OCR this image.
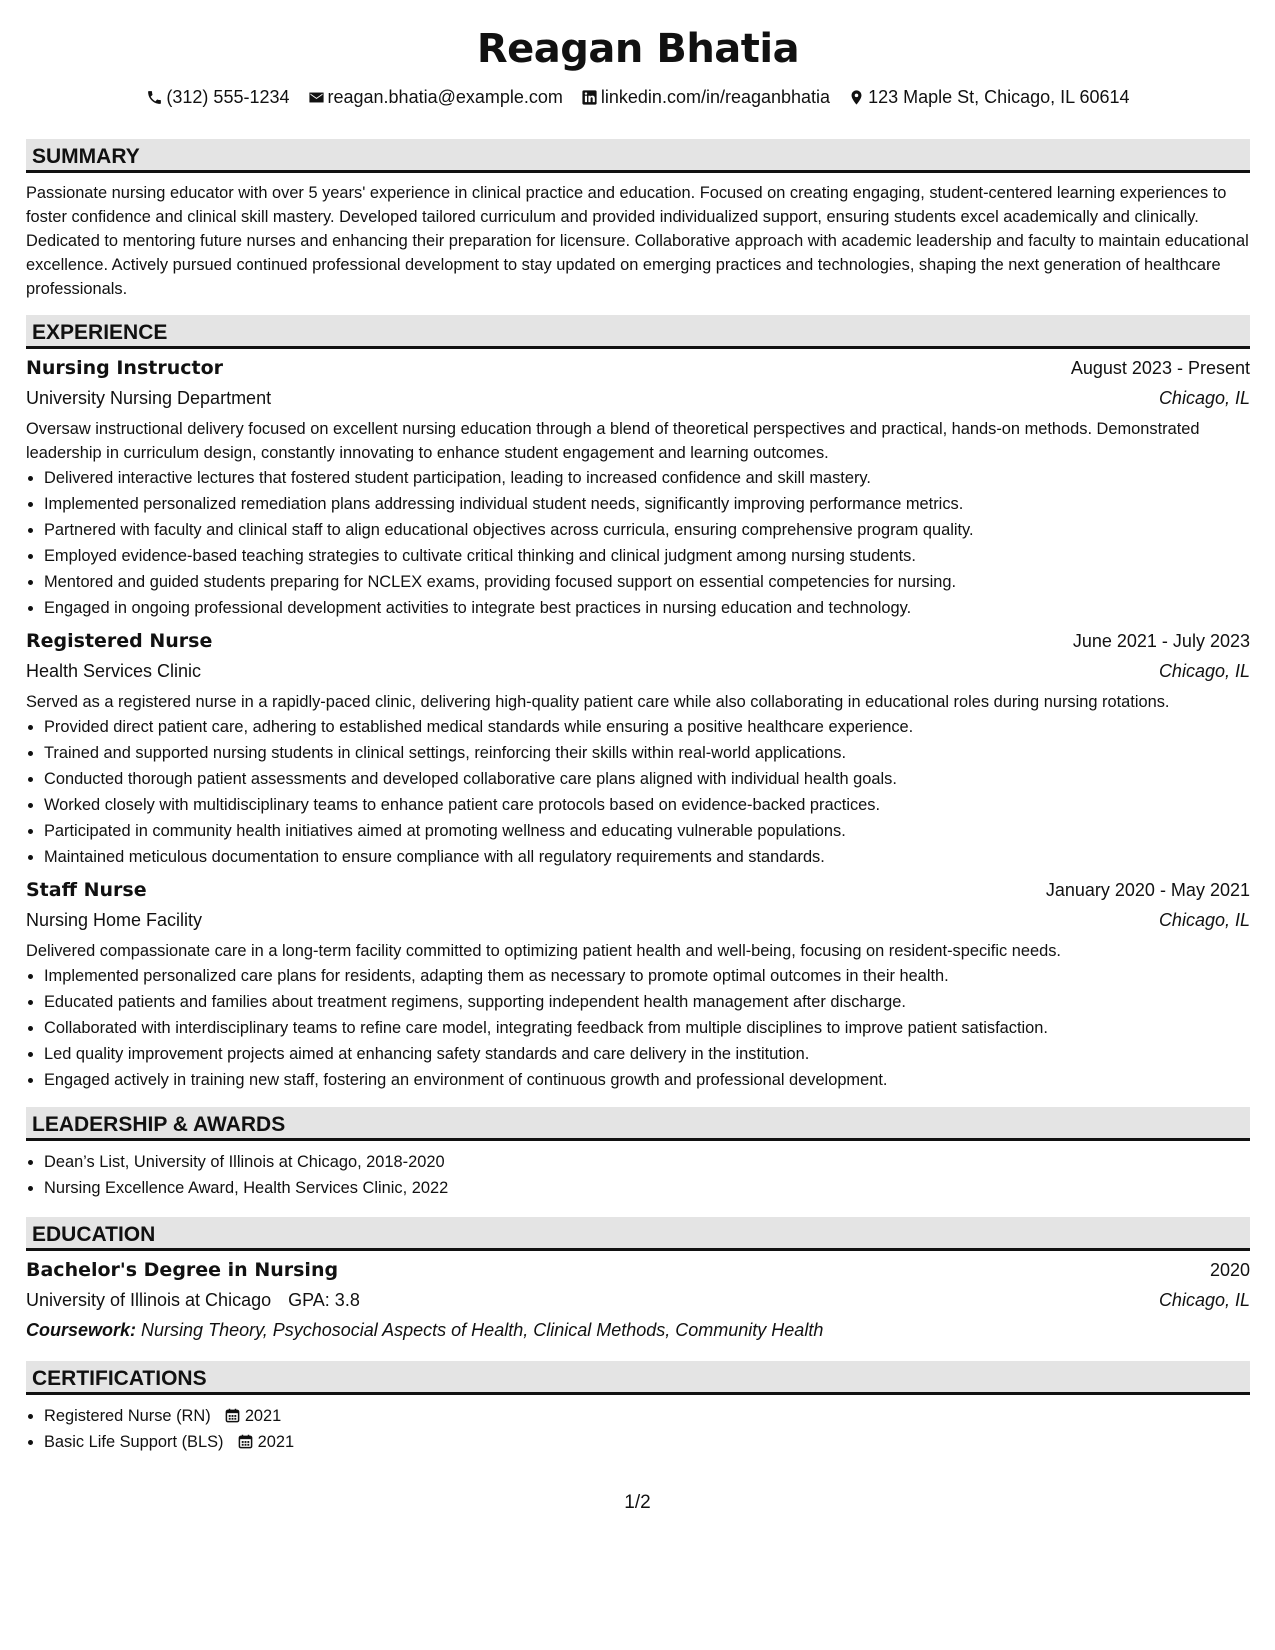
Reagan Bhatia
(312) 555-1234 reagan.bhatia@example.com linkedin.com/in/reaganbhatia 123 Maple St, Chicago, IL 60614
SUMMARY
Passionate nursing educator with over 5 years' experience in clinical practice and education. Focused on creating engaging, student-centered learning experiences to foster confidence and clinical skill mastery. Developed tailored curriculum and provided individualized support, ensuring students excel academically and clinically. Dedicated to mentoring future nurses and enhancing their preparation for licensure. Collaborative approach with academic leadership and faculty to maintain educational excellence. Actively pursued continued professional development to stay updated on emerging practices and technologies, shaping the next generation of healthcare professionals.
EXPERIENCE
Nursing Instructor	August 2023 - Present
University Nursing Department	Chicago, IL
Oversaw instructional delivery focused on excellent nursing education through a blend of theoretical perspectives and practical, hands-on methods. Demonstrated leadership in curriculum design, constantly innovating to enhance student engagement and learning outcomes.
• Delivered interactive lectures that fostered student participation, leading to increased confidence and skill mastery.
• Implemented personalized remediation plans addressing individual student needs, significantly improving performance metrics.
• Partnered with faculty and clinical staff to align educational objectives across curricula, ensuring comprehensive program quality.
• Employed evidence-based teaching strategies to cultivate critical thinking and clinical judgment among nursing students.
• Mentored and guided students preparing for NCLEX exams, providing focused support on essential competencies for nursing.
• Engaged in ongoing professional development activities to integrate best practices in nursing education and technology.
Registered Nurse	June 2021 - July 2023
Health Services Clinic	Chicago, IL
Served as a registered nurse in a rapidly-paced clinic, delivering high-quality patient care while also collaborating in educational roles during nursing rotations.
• Provided direct patient care, adhering to established medical standards while ensuring a positive healthcare experience.
• Trained and supported nursing students in clinical settings, reinforcing their skills within real-world applications.
• Conducted thorough patient assessments and developed collaborative care plans aligned with individual health goals.
• Worked closely with multidisciplinary teams to enhance patient care protocols based on evidence-backed practices.
• Participated in community health initiatives aimed at promoting wellness and educating vulnerable populations.
• Maintained meticulous documentation to ensure compliance with all regulatory requirements and standards.
Staff Nurse	January 2020 - May 2021
Nursing Home Facility	Chicago, IL
Delivered compassionate care in a long-term facility committed to optimizing patient health and well-being, focusing on resident-specific needs.
• Implemented personalized care plans for residents, adapting them as necessary to promote optimal outcomes in their health.
• Educated patients and families about treatment regimens, supporting independent health management after discharge.
• Collaborated with interdisciplinary teams to refine care model, integrating feedback from multiple disciplines to improve patient satisfaction.
• Led quality improvement projects aimed at enhancing safety standards and care delivery in the institution.
• Engaged actively in training new staff, fostering an environment of continuous growth and professional development.
LEADERSHIP & AWARDS
• Dean’s List, University of Illinois at Chicago, 2018-2020
• Nursing Excellence Award, Health Services Clinic, 2022
EDUCATION
Bachelor's Degree in Nursing	2020
University of Illinois at Chicago GPA: 3.8	Chicago, IL
Coursework: Nursing Theory, Psychosocial Aspects of Health, Clinical Methods, Community Health
CERTIFICATIONS
• Registered Nurse (RN) 2021
• Basic Life Support (BLS) 2021
1/2
